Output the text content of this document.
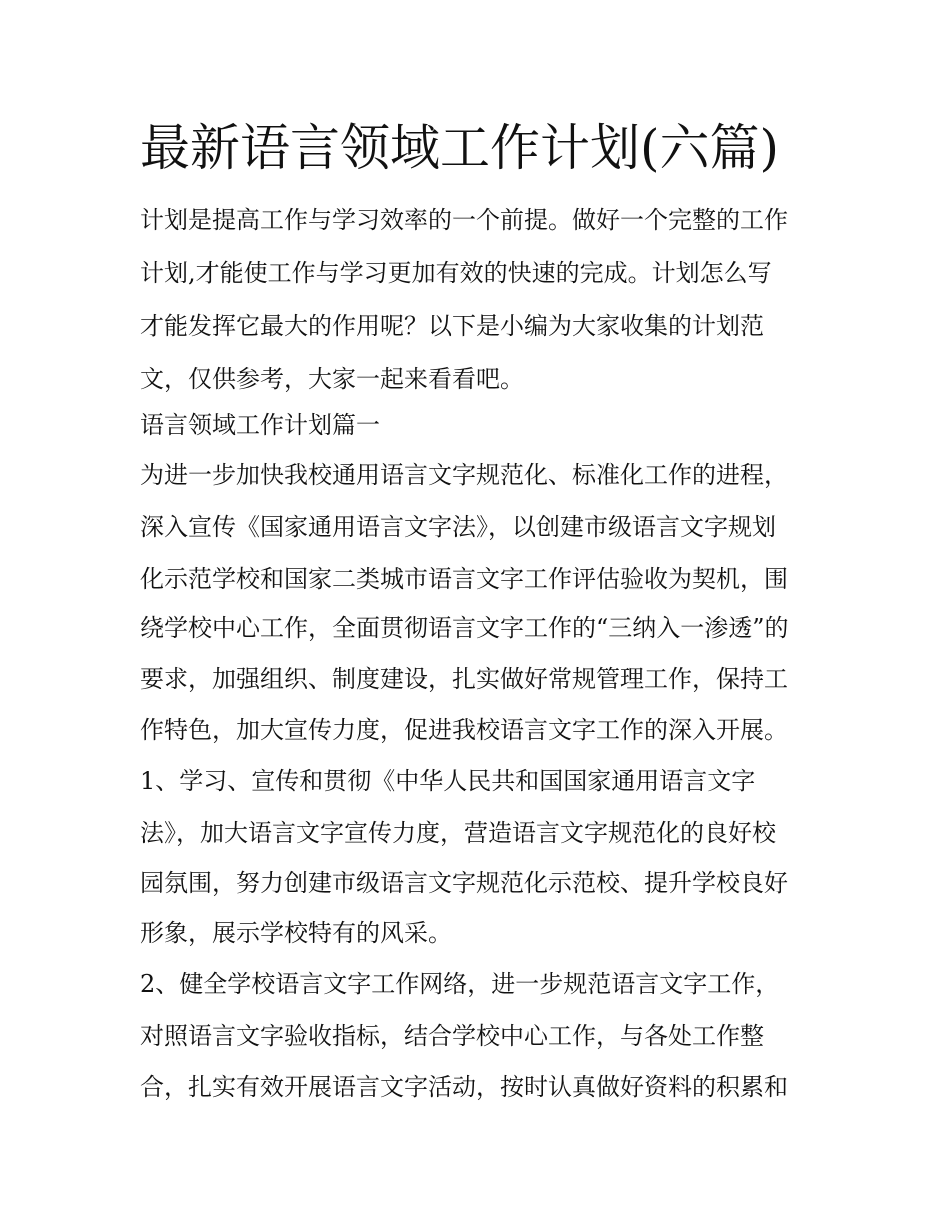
最新语言领域工作计划(六篇)

计划是提高工作与学习效率的一个前提。做好一个完整的工作

计划,才能使工作与学习更加有效的快速的完成。计划怎么写

才能发挥它最大的作用呢？以下是小编为大家收集的计划范

文，仅供参考，大家一起来看看吧。

语言领域工作计划篇一

为进一步加快我校通用语言文字规范化、标准化工作的进程，

深入宣传《国家通用语言文字法》，以创建市级语言文字规划

化示范学校和国家二类城市语言文字工作评估验收为契机，围

绕学校中心工作，全面贯彻语言文字工作的“三纳入一渗透”的

要求，加强组织、制度建设，扎实做好常规管理工作，保持工

作特色，加大宣传力度，促进我校语言文字工作的深入开展。

1、学习、宣传和贯彻《中华人民共和国国家通用语言文字

法》，加大语言文字宣传力度，营造语言文字规范化的良好校

园氛围，努力创建市级语言文字规范化示范校、提升学校良好

形象，展示学校特有的风采。

2、健全学校语言文字工作网络，进一步规范语言文字工作，

对照语言文字验收指标，结合学校中心工作，与各处工作整

合，扎实有效开展语言文字活动，按时认真做好资料的积累和
